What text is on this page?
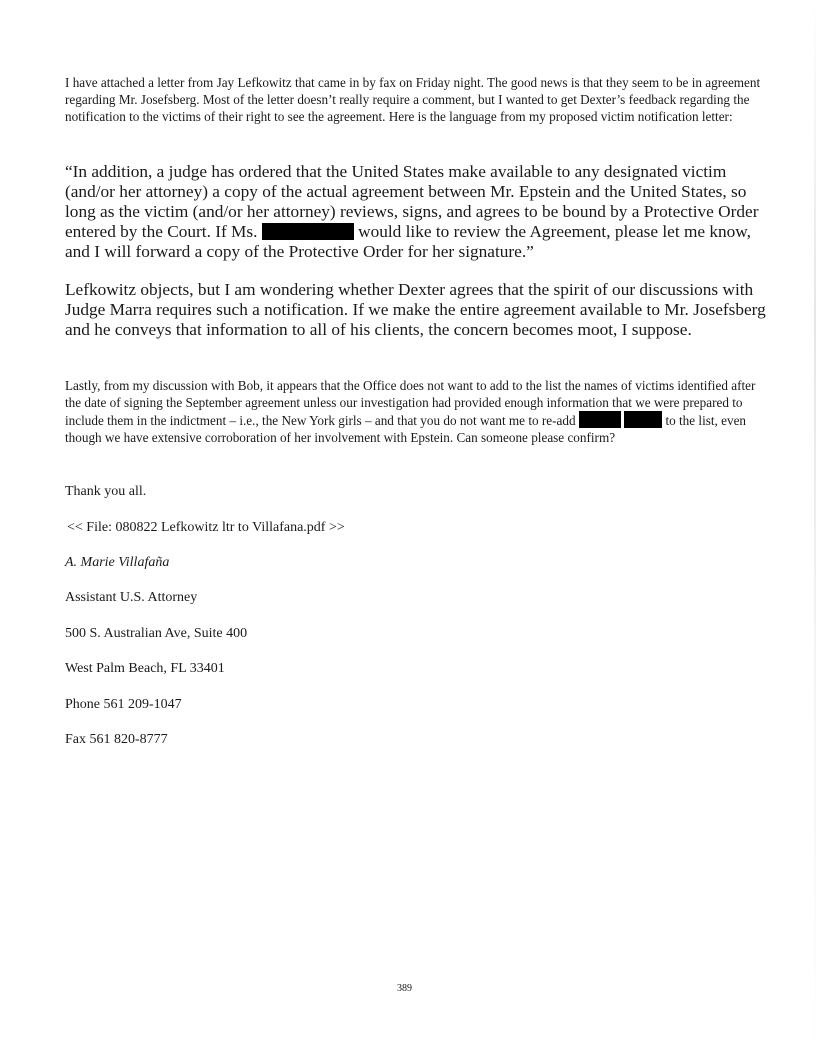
I have attached a letter from Jay Lefkowitz that came in by fax on Friday night. The good news is that they seem to be in agreement regarding Mr. Josefsberg. Most of the letter doesn’t really require a comment, but I wanted to get Dexter’s feedback regarding the notification to the victims of their right to see the agreement. Here is the language from my proposed victim notification letter:

“In addition, a judge has ordered that the United States make available to any designated victim (and/or her attorney) a copy of the actual agreement between Mr. Epstein and the United States, so long as the victim (and/or her attorney) reviews, signs, and agrees to be bound by a Protective Order entered by the Court. If Ms.	would like to review the Agreement, please let me know, and I will forward a copy of the Protective Order for her signature.”

Lefkowitz objects, but I am wondering whether Dexter agrees that the spirit of our discussions with Judge Marra requires such a notification. If we make the entire agreement available to Mr. Josefsberg and he conveys that information to all of his clients, the concern becomes moot, I suppose.

Lastly, from my discussion with Bob, it appears that the Office does not want to add to the list the names of victims identified after the date of signing the September agreement unless our investigation had provided enough information that we were prepared to include them in the indictment – i.e., the New York girls – and that you do not want me to re-add	to the list, even though we have extensive corroboration of her involvement with Epstein. Can someone please confirm?

Thank you all.

<< File: 080822 Lefkowitz ltr to Villafana.pdf >>

A. Marie Villafaña

Assistant U.S. Attorney

500 S. Australian Ave, Suite 400

West Palm Beach, FL 33401

Phone 561 209-1047

Fax 561 820-8777

389
